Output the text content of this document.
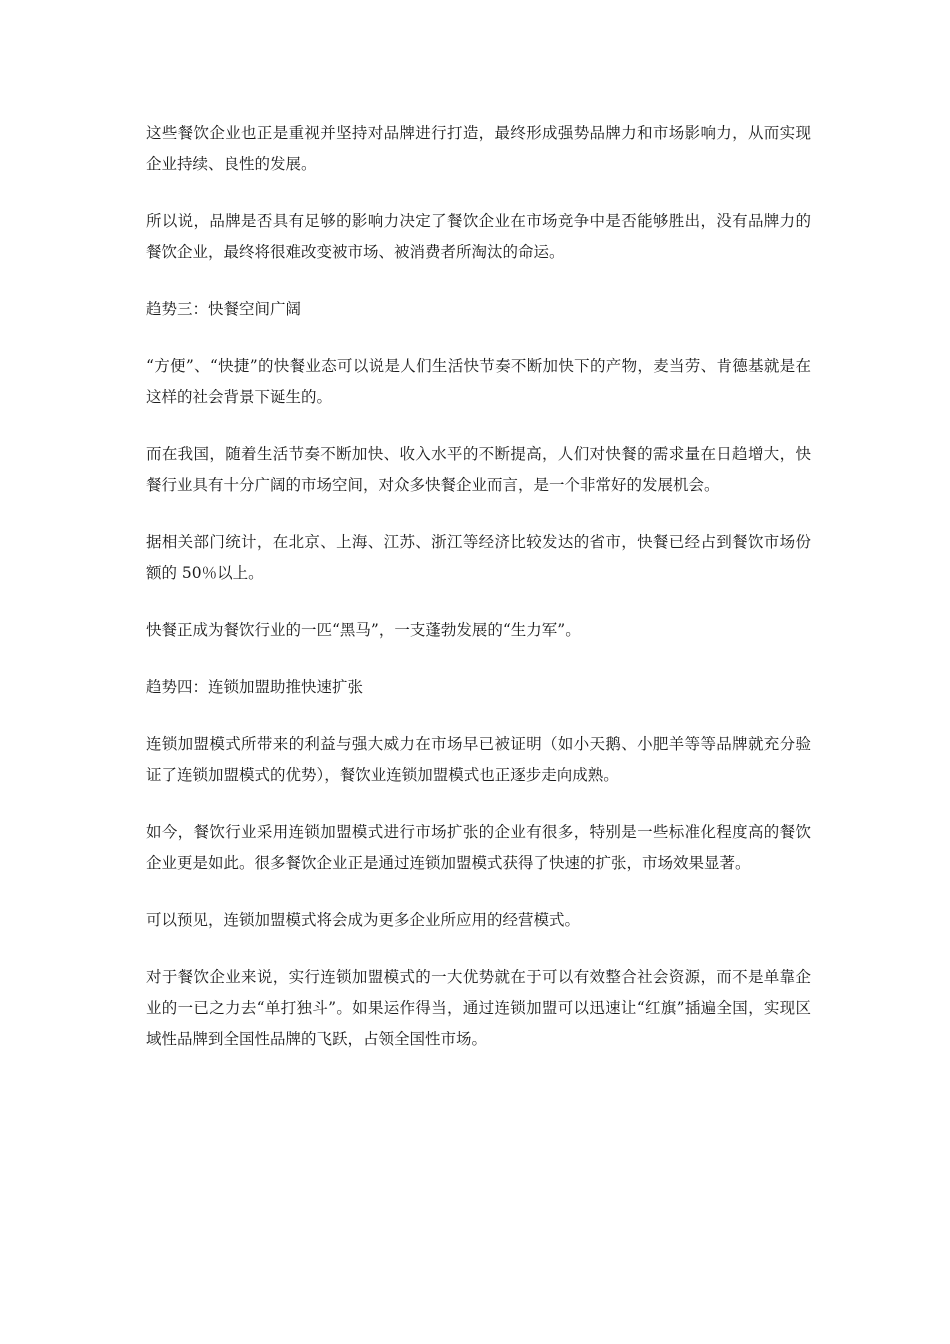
这些餐饮企业也正是重视并坚持对品牌进行打造，最终形成强势品牌力和市场影响力，从而实现企业持续、良性的发展。

所以说，品牌是否具有足够的影响力决定了餐饮企业在市场竞争中是否能够胜出，没有品牌力的餐饮企业，最终将很难改变被市场、被消费者所淘汰的命运。

趋势三：快餐空间广阔

“方便”、“快捷”的快餐业态可以说是人们生活快节奏不断加快下的产物，麦当劳、肯德基就是在这样的社会背景下诞生的。

而在我国，随着生活节奏不断加快、收入水平的不断提高，人们对快餐的需求量在日趋增大，快餐行业具有十分广阔的市场空间，对众多快餐企业而言，是一个非常好的发展机会。

据相关部门统计，在北京、上海、江苏、浙江等经济比较发达的省市，快餐已经占到餐饮市场份额的 50％以上。

快餐正成为餐饮行业的一匹“黑马”，一支蓬勃发展的“生力军”。

趋势四：连锁加盟助推快速扩张

连锁加盟模式所带来的利益与强大威力在市场早已被证明（如小天鹅、小肥羊等等品牌就充分验证了连锁加盟模式的优势），餐饮业连锁加盟模式也正逐步走向成熟。

如今，餐饮行业采用连锁加盟模式进行市场扩张的企业有很多，特别是一些标准化程度高的餐饮企业更是如此。很多餐饮企业正是通过连锁加盟模式获得了快速的扩张，市场效果显著。

可以预见，连锁加盟模式将会成为更多企业所应用的经营模式。

对于餐饮企业来说，实行连锁加盟模式的一大优势就在于可以有效整合社会资源，而不是单靠企业的一已之力去“单打独斗”。如果运作得当，通过连锁加盟可以迅速让“红旗”插遍全国，实现区域性品牌到全国性品牌的飞跃，占领全国性市场。
